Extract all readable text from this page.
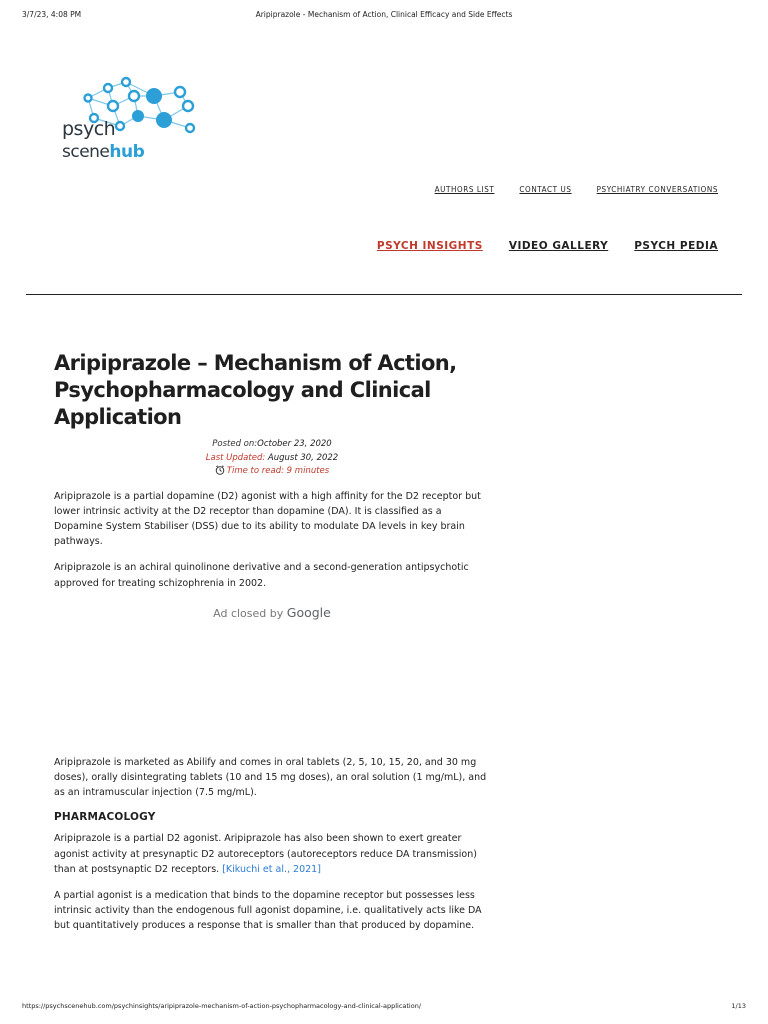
3/7/23, 4:08 PM	Aripiprazole - Mechanism of Action, Clinical Efficacy and Side Effects
psych
scenehub
AUTHORS LIST	CONTACT US	PSYCHIATRY CONVERSATIONS
PSYCH INSIGHTS VIDEO GALLERY PSYCH PEDIA
Aripiprazole – Mechanism of Action, Psychopharmacology and Clinical Application
Posted on:October 23, 2020
Last Updated: August 30, 2022
Time to read: 9 minutes

Aripiprazole is a partial dopamine (D2) agonist with a high affinity for the D2 receptor but lower intrinsic activity at the D2 receptor than dopamine (DA). It is classified as a Dopamine System Stabiliser (DSS) due to its ability to modulate DA levels in key brain pathways.

Aripiprazole is an achiral quinolinone derivative and a second-generation antipsychotic approved for treating schizophrenia in 2002.

Ad closed by Google

Aripiprazole is marketed as Abilify and comes in oral tablets (2, 5, 10, 15, 20, and 30 mg doses), orally disintegrating tablets (10 and 15 mg doses), an oral solution (1 mg/mL), and as an intramuscular injection (7.5 mg/mL).

PHARMACOLOGY

Aripiprazole is a partial D2 agonist. Aripiprazole has also been shown to exert greater agonist activity at presynaptic D2 autoreceptors (autoreceptors reduce DA transmission) than at postsynaptic D2 receptors. [Kikuchi et al., 2021]

A partial agonist is a medication that binds to the dopamine receptor but possesses less intrinsic activity than the endogenous full agonist dopamine, i.e. qualitatively acts like DA but quantitatively produces a response that is smaller than that produced by dopamine.

https://psychscenehub.com/psychinsights/aripiprazole-mechanism-of-action-psychopharmacology-and-clinical-application/	1/13
